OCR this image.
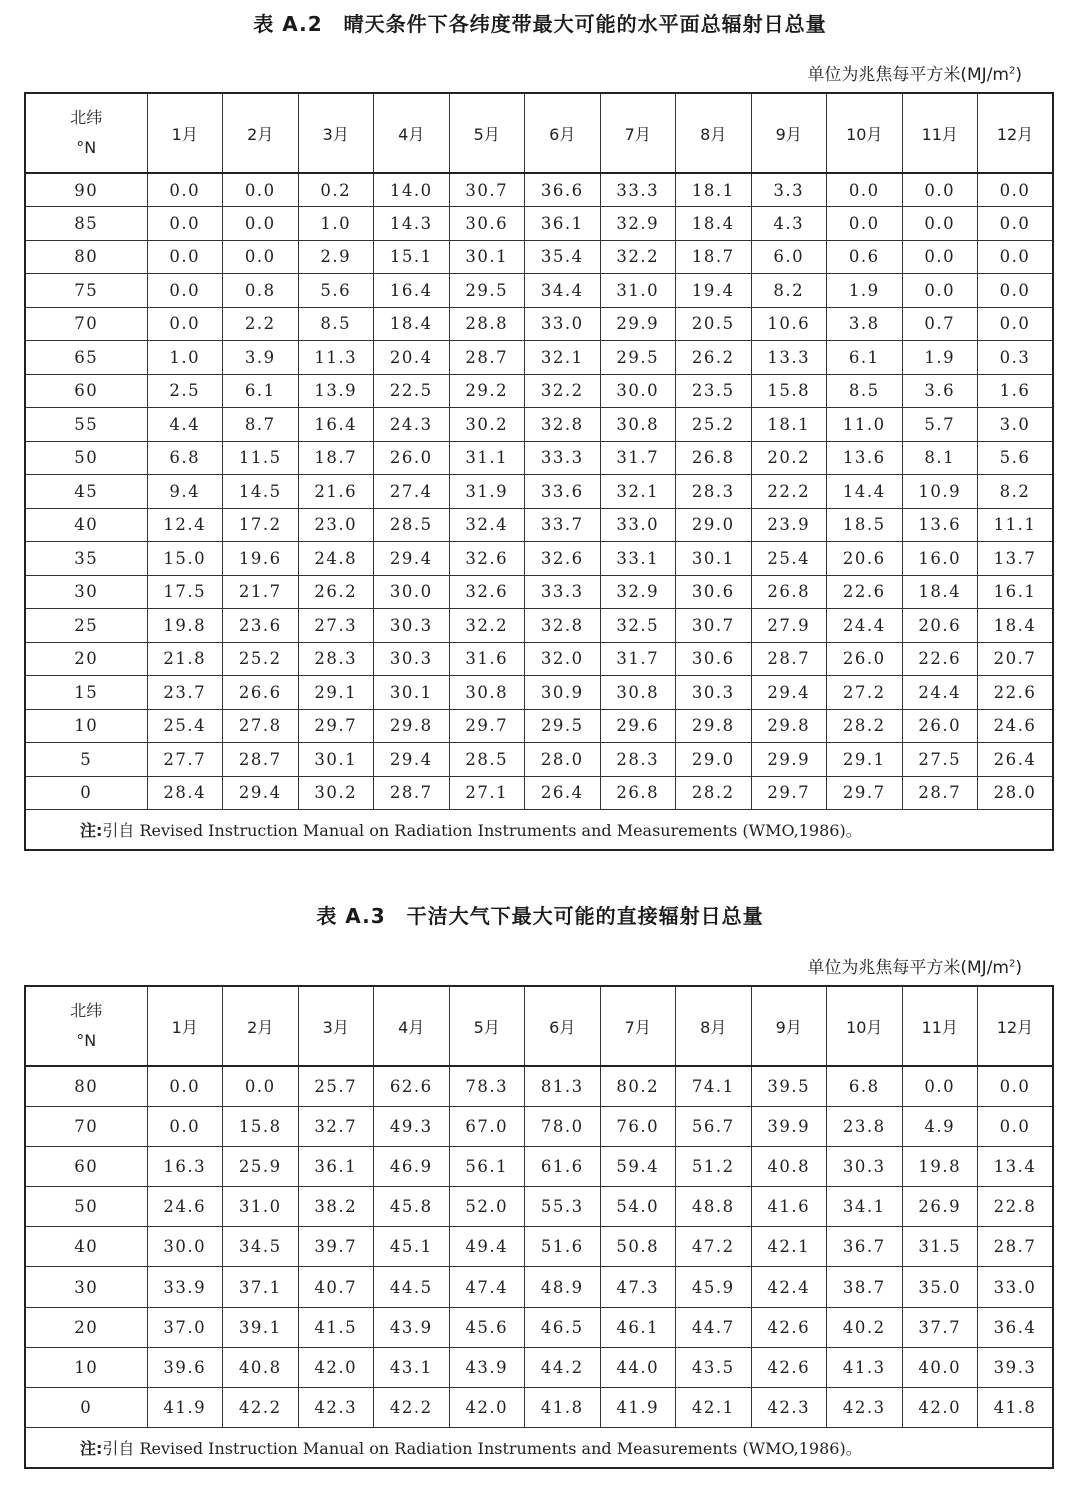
表 A.2　晴天条件下各纬度带最大可能的水平面总辐射日总量
单位为兆焦每平方米$(MJ/m^2)$
北纬
°N	1月	2月	3月	4月	5月	6月	7月	8月	9月	10月	11月	12月
90	0.0	0.0	0.2	14.0	30.7	36.6	33.3	18.1	3.3	0.0	0.0	0.0
85	0.0	0.0	1.0	14.3	30.6	36.1	32.9	18.4	4.3	0.0	0.0	0.0
80	0.0	0.0	2.9	15.1	30.1	35.4	32.2	18.7	6.0	0.6	0.0	0.0
75	0.0	0.8	5.6	16.4	29.5	34.4	31.0	19.4	8.2	1.9	0.0	0.0
70	0.0	2.2	8.5	18.4	28.8	33.0	29.9	20.5	10.6	3.8	0.7	0.0
65	1.0	3.9	11.3	20.4	28.7	32.1	29.5	26.2	13.3	6.1	1.9	0.3
60	2.5	6.1	13.9	22.5	29.2	32.2	30.0	23.5	15.8	8.5	3.6	1.6
55	4.4	8.7	16.4	24.3	30.2	32.8	30.8	25.2	18.1	11.0	5.7	3.0
50	6.8	11.5	18.7	26.0	31.1	33.3	31.7	26.8	20.2	13.6	8.1	5.6
45	9.4	14.5	21.6	27.4	31.9	33.6	32.1	28.3	22.2	14.4	10.9	8.2
40	12.4	17.2	23.0	28.5	32.4	33.7	33.0	29.0	23.9	18.5	13.6	11.1
35	15.0	19.6	24.8	29.4	32.6	32.6	33.1	30.1	25.4	20.6	16.0	13.7
30	17.5	21.7	26.2	30.0	32.6	33.3	32.9	30.6	26.8	22.6	18.4	16.1
25	19.8	23.6	27.3	30.3	32.2	32.8	32.5	30.7	27.9	24.4	20.6	18.4
20	21.8	25.2	28.3	30.3	31.6	32.0	31.7	30.6	28.7	26.0	22.6	20.7
15	23.7	26.6	29.1	30.1	30.8	30.9	30.8	30.3	29.4	27.2	24.4	22.6
10	25.4	27.8	29.7	29.8	29.7	29.5	29.6	29.8	29.8	28.2	26.0	24.6
5	27.7	28.7	30.1	29.4	28.5	28.0	28.3	29.0	29.9	29.1	27.5	26.4
0	28.4	29.4	30.2	28.7	27.1	26.4	26.8	28.2	29.7	29.7	28.7	28.0
注:引自 Revised Instruction Manual on Radiation Instruments and Measurements (WMO,1986)。												
表 A.3　干洁大气下最大可能的直接辐射日总量
单位为兆焦每平方米$(MJ/m^2)$
北纬
°N	1月	2月	3月	4月	5月	6月	7月	8月	9月	10月	11月	12月
80	0.0	0.0	25.7	62.6	78.3	81.3	80.2	74.1	39.5	6.8	0.0	0.0
70	0.0	15.8	32.7	49.3	67.0	78.0	76.0	56.7	39.9	23.8	4.9	0.0
60	16.3	25.9	36.1	46.9	56.1	61.6	59.4	51.2	40.8	30.3	19.8	13.4
50	24.6	31.0	38.2	45.8	52.0	55.3	54.0	48.8	41.6	34.1	26.9	22.8
40	30.0	34.5	39.7	45.1	49.4	51.6	50.8	47.2	42.1	36.7	31.5	28.7
30	33.9	37.1	40.7	44.5	47.4	48.9	47.3	45.9	42.4	38.7	35.0	33.0
20	37.0	39.1	41.5	43.9	45.6	46.5	46.1	44.7	42.6	40.2	37.7	36.4
10	39.6	40.8	42.0	43.1	43.9	44.2	44.0	43.5	42.6	41.3	40.0	39.3
0	41.9	42.2	42.3	42.2	42.0	41.8	41.9	42.1	42.3	42.3	42.0	41.8
注:引自 Revised Instruction Manual on Radiation Instruments and Measurements (WMO,1986)。												
